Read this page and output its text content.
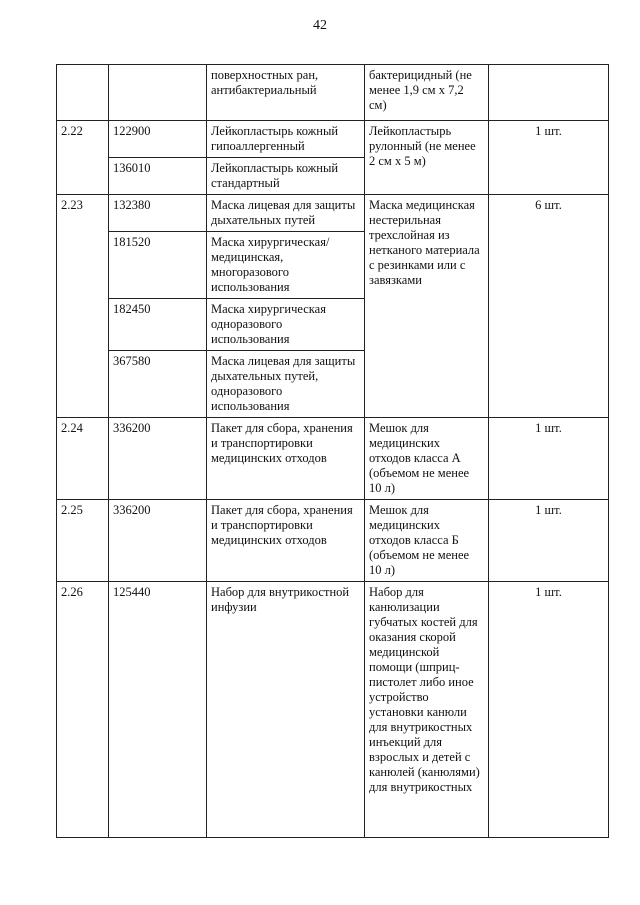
42
		поверхностных ран, антибактериальный	бактерицидный (не менее 1,9 см х 7,2 см)	
2.22	122900	Лейкопластырь кожный гипоаллергенный	Лейкопластырь рулонный (не менее 2 см х 5 м)	1 шт.
	136010	Лейкопластырь кожный стандартный		
2.23	132380	Маска лицевая для защиты дыхательных путей	Маска медицинская нестерильная трехслойная из нетканого материала с резинками или с завязками	6 шт.
	181520	Маска хирургическая/медицинская, многоразового использования		
	182450	Маска хирургическая одноразового использования		
	367580	Маска лицевая для защиты дыхательных путей, одноразового использования		
2.24	336200	Пакет для сбора, хранения и транспортировки медицинских отходов	Мешок для медицинских отходов класса А (объемом не менее 10 л)	1 шт.
2.25	336200	Пакет для сбора, хранения и транспортировки медицинских отходов	Мешок для медицинских отходов класса Б (объемом не менее 10 л)	1 шт.
2.26	125440	Набор для внутрикостной инфузии	Набор для канюлизации губчатых костей для оказания скорой медицинской помощи (шприц-пистолет либо иное устройство установки канюли для внутрикостных инъекций для взрослых и детей с канюлей (канюлями) для внутрикостных	1 шт.
